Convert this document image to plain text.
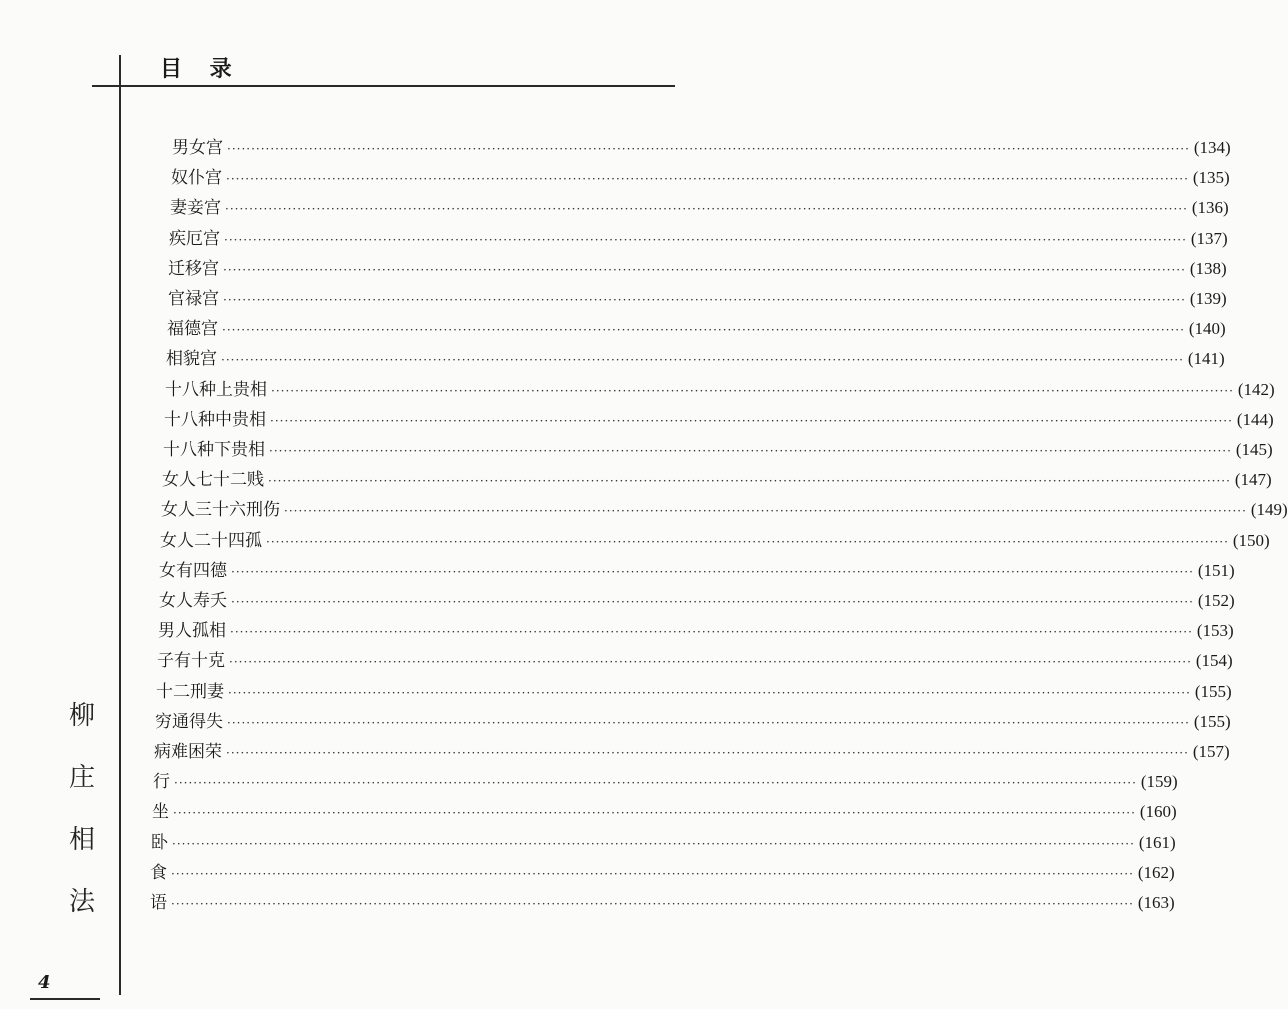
目 录
柳
庄
相
法
4
男女宫 ········································································································································································································ (134)
奴仆宫 ········································································································································································································ (135)
妻妾宫 ········································································································································································································ (136)
疾厄宫 ········································································································································································································ (137)
迁移宫 ········································································································································································································ (138)
官禄宫 ········································································································································································································ (139)
福德宫 ········································································································································································································ (140)
相貌宫 ········································································································································································································ (141)
十八种上贵相 ········································································································································································································ (142)
十八种中贵相 ········································································································································································································ (144)
十八种下贵相 ········································································································································································································ (145)
女人七十二贱 ········································································································································································································ (147)
女人三十六刑伤 ········································································································································································································ (149)
女人二十四孤 ········································································································································································································ (150)
女有四德 ········································································································································································································ (151)
女人寿夭 ········································································································································································································ (152)
男人孤相 ········································································································································································································ (153)
子有十克 ········································································································································································································ (154)
十二刑妻 ········································································································································································································ (155)
穷通得失 ········································································································································································································ (155)
病难困荣 ········································································································································································································ (157)
行 ········································································································································································································ (159)
坐 ········································································································································································································ (160)
卧 ········································································································································································································ (161)
食 ········································································································································································································ (162)
语 ········································································································································································································ (163)
